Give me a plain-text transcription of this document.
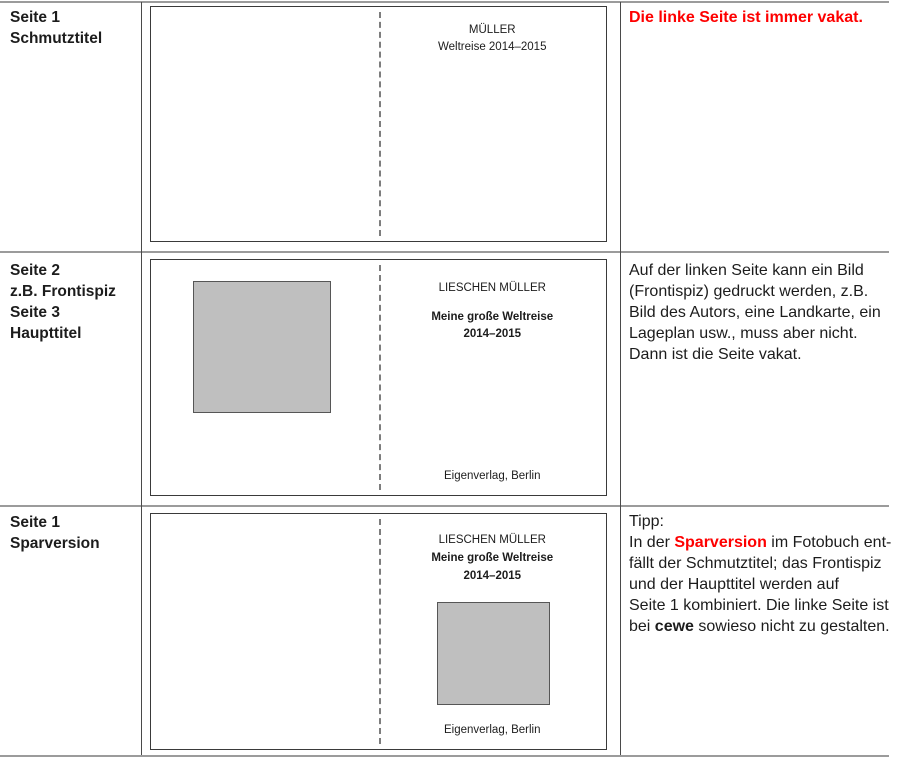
Seite 1
Schmutztitel	MÜLLER
Weltreise 2014–2015
Die linke Seite ist immer vakat.
Seite 2
z.B. Frontispiz
Seite 3
Haupttitel
LIESCHEN MÜLLER
Meine große Weltreise
2014–2015
Eigenverlag, Berlin
Auf der linken Seite kann ein Bild
(Frontispiz) gedruckt werden, z.B.
Bild des Autors, eine Landkarte, ein
Lageplan usw., muss aber nicht.
Dann ist die Seite vakat.
Seite 1
Sparversion	LIESCHEN MÜLLER
Meine große Weltreise
2014–2015
Eigenverlag, Berlin
Tipp:
In der Sparversion im Fotobuch ent-
fällt der Schmutztitel; das Frontispiz
und der Haupttitel werden auf
Seite 1 kombiniert. Die linke Seite ist
bei cewe sowieso nicht zu gestalten.
